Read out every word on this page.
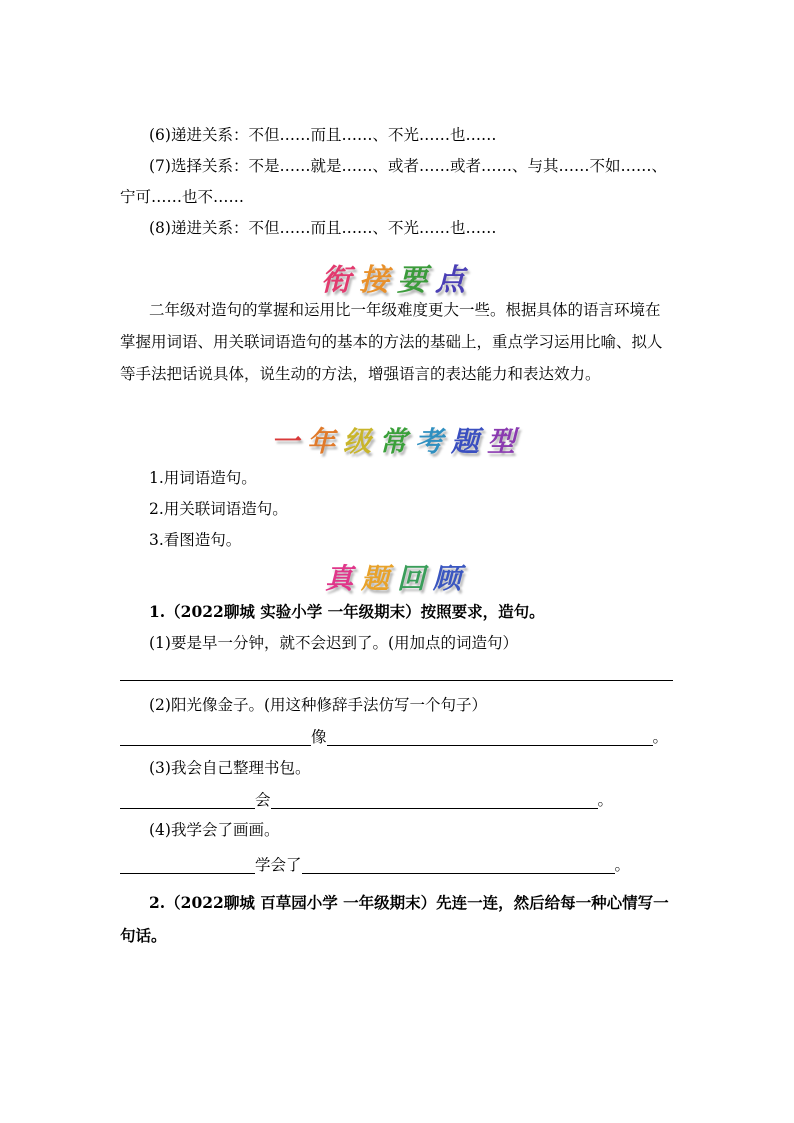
(6)递进关系：不但……而且……、不光……也……
(7)选择关系：不是……就是……、或者……或者……、与其……不如……、
宁可……也不……
(8)递进关系：不但……而且……、不光……也……
衔接要点
二年级对造句的掌握和运用比一年级难度更大一些。根据具体的语言环境在
掌握用词语、用关联词语造句的基本的方法的基础上，重点学习运用比喻、拟人
等手法把话说具体，说生动的方法，增强语言的表达能力和表达效力。
一年级常考题型
1.用词语造句。
2.用关联词语造句。
3.看图造句。
真题回顾
1.（2022聊城 实验小学 一年级期末）按照要求，造句。
(1)要是早一分钟，就不会迟到了。(用加点的词造句）
(2)阳光像金子。(用这种修辞手法仿写一个句子）
像	。
(3)我会自己整理书包。
会	。
(4)我学会了画画。
学会了	。
2.（2022聊城 百草园小学 一年级期末）先连一连，然后给每一种心情写一
句话。
